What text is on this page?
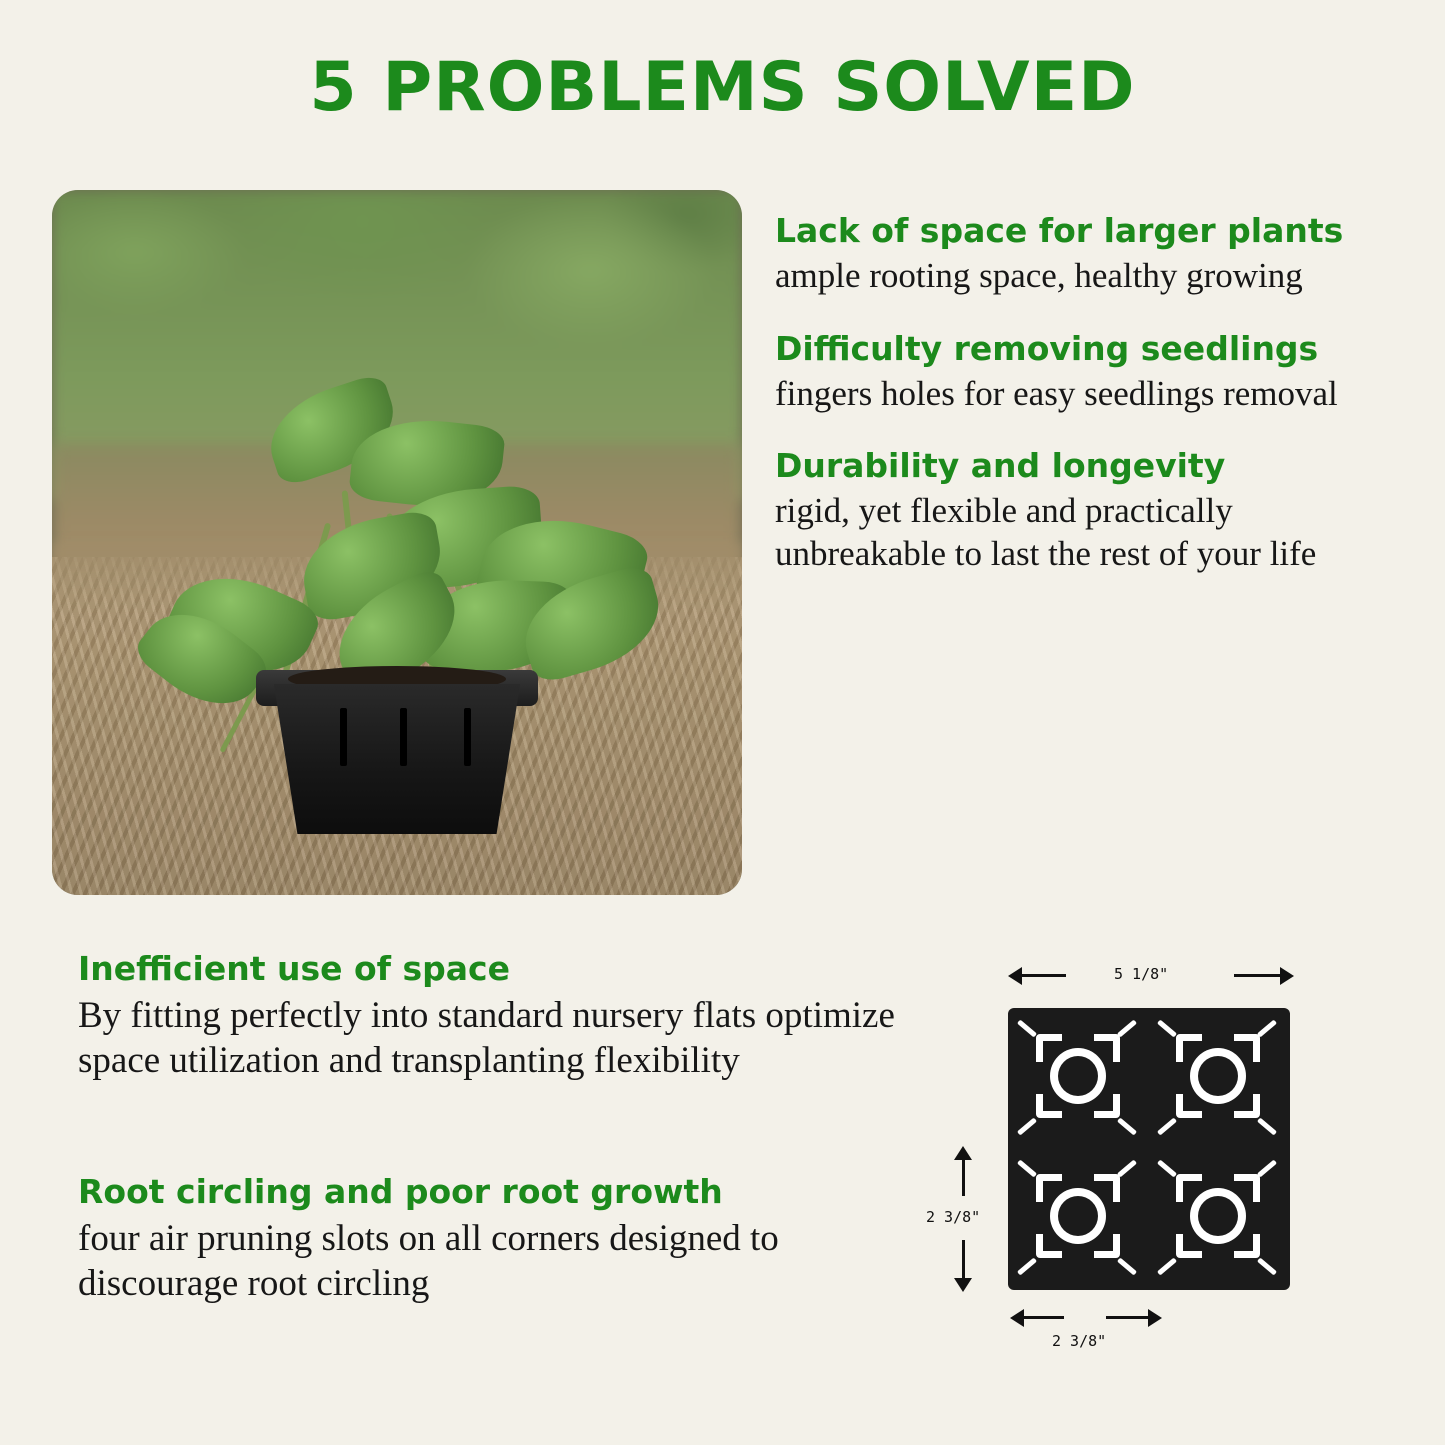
5 PROBLEMS SOLVED

Lack of space for larger plants

ample rooting space, healthy growing

Difficulty removing seedlings

fingers holes for easy seedlings removal

Durability and longevity

rigid, yet flexible and practically unbreakable to last the rest of your life

Inefficient use of space

By fitting perfectly into standard nursery flats optimize space utilization and transplanting flexibility

Root circling and poor root growth

four air pruning slots on all corners designed to discourage root circling

5 1/8"
2 3/8"
2 3/8"
